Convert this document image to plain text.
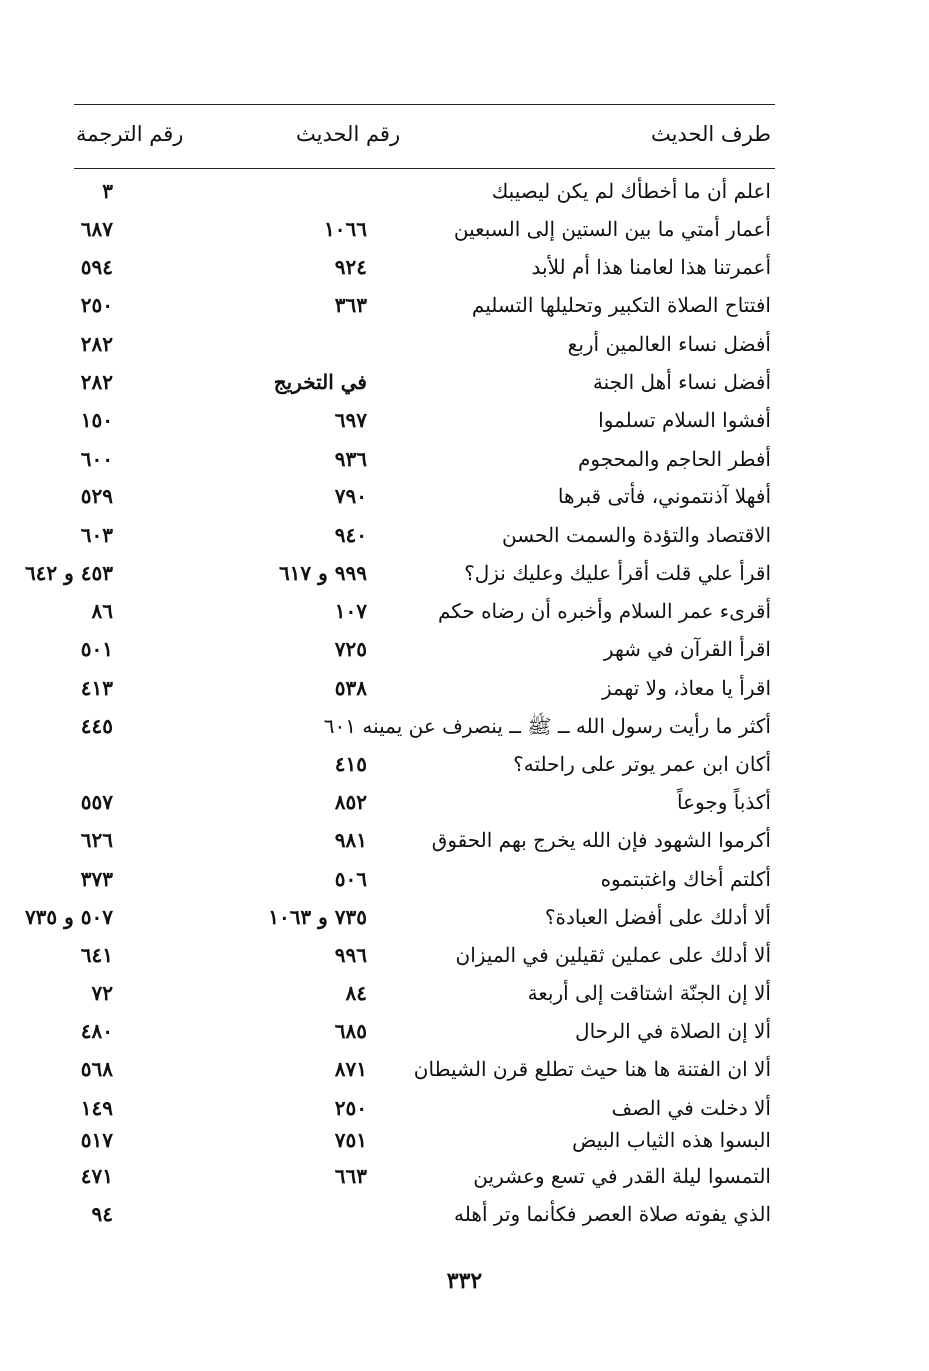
طرف الحديث
رقم الحديث
رقم الترجمة
اعلم أن ما أخطأك لم يكن ليصيبك
٣
أعمار أمتي ما بين الستين إلى السبعين
١٠٦٦
٦٨٧
أعمرتنا هذا لعامنا هذا أم للأبد
٩٢٤
٥٩٤
افتتاح الصلاة التكبير وتحليلها التسليم
٣٦٣
٢٥٠
أفضل نساء العالمين أربع
٢٨٢
أفضل نساء أهل الجنة
في التخريج
٢٨٢
أفشوا السلام تسلموا
٦٩٧
١٥٠
أفطر الحاجم والمحجوم
٩٣٦
٦٠٠
أفهلا آذنتموني، فأتى قبرها
٧٩٠
٥٢٩
الاقتصاد والتؤدة والسمت الحسن
٩٤٠
٦٠٣
اقرأ علي قلت أقرأ عليك وعليك نزل؟
٩٩٩ و ٦١٧
٤٥٣ و ٦٤٢
أقرىء عمر السلام وأخبره أن رضاه حكم
١٠٧
٨٦
اقرأ القرآن في شهر
٧٢٥
٥٠١
اقرأ يا معاذ، ولا تهمز
٥٣٨
٤١٣
أكثر ما رأيت رسول الله ــ ﷺ ــ ينصرف عن يمينه ٦٠١
٤٤٥
أكان ابن عمر يوتر على راحلته؟
٤١٥
أكذباً وجوعاً
٨٥٢
٥٥٧
أكرموا الشهود فإن الله يخرج بهم الحقوق
٩٨١
٦٢٦
أكلتم أخاك واغتبتموه
٥٠٦
٣٧٣
ألا أدلك على أفضل العبادة؟
٧٣٥ و ١٠٦٣
٥٠٧ و ٧٣٥
ألا أدلك على عملين ثقيلين في الميزان
٩٩٦
٦٤١
ألا إن الجنّة اشتاقت إلى أربعة
٨٤
٧٢
ألا إن الصلاة في الرحال
٦٨٥
٤٨٠
ألا ان الفتنة ها هنا حيث تطلع قرن الشيطان
٨٧١
٥٦٨
ألا دخلت في الصف
٢٥٠
١٤٩
البسوا هذه الثياب البيض
٧٥١
٥١٧
التمسوا ليلة القدر في تسع وعشرين
٦٦٣
٤٧١
الذي يفوته صلاة العصر فكأنما وتر أهله
٩٤
٣٣٢
